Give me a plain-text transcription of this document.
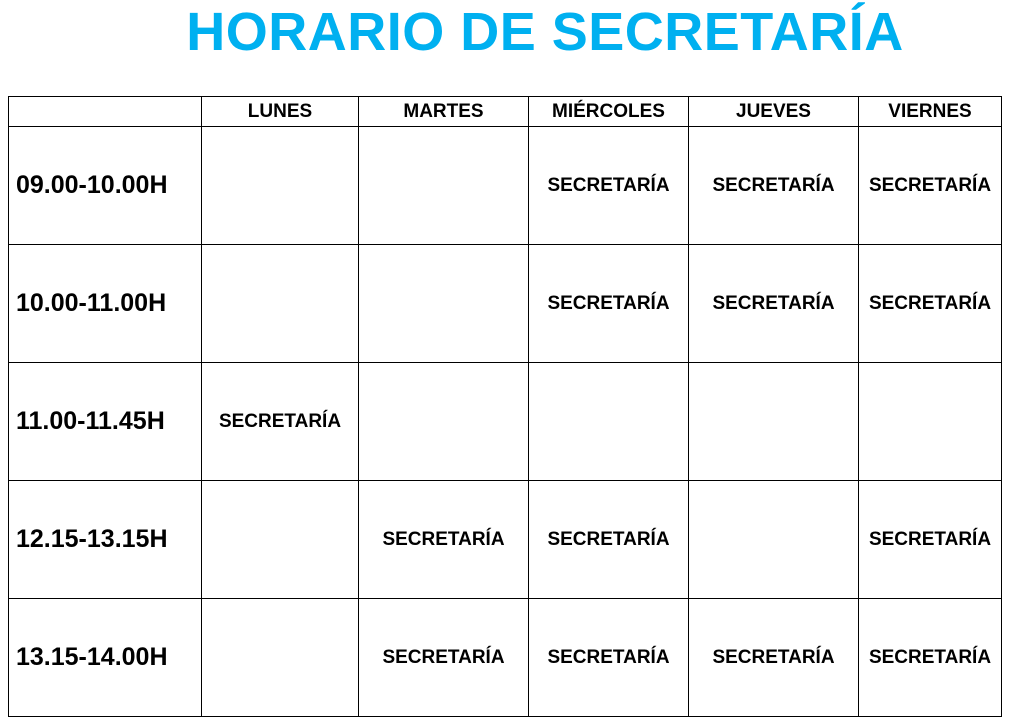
HORARIO DE SECRETARÍA
	LUNES	MARTES	MIÉRCOLES	JUEVES	VIERNES
09.00-10.00H			SECRETARÍA	SECRETARÍA	SECRETARÍA
10.00-11.00H			SECRETARÍA	SECRETARÍA	SECRETARÍA
11.00-11.45H	SECRETARÍA				
12.15-13.15H		SECRETARÍA	SECRETARÍA		SECRETARÍA
13.15-14.00H		SECRETARÍA	SECRETARÍA	SECRETARÍA	SECRETARÍA
